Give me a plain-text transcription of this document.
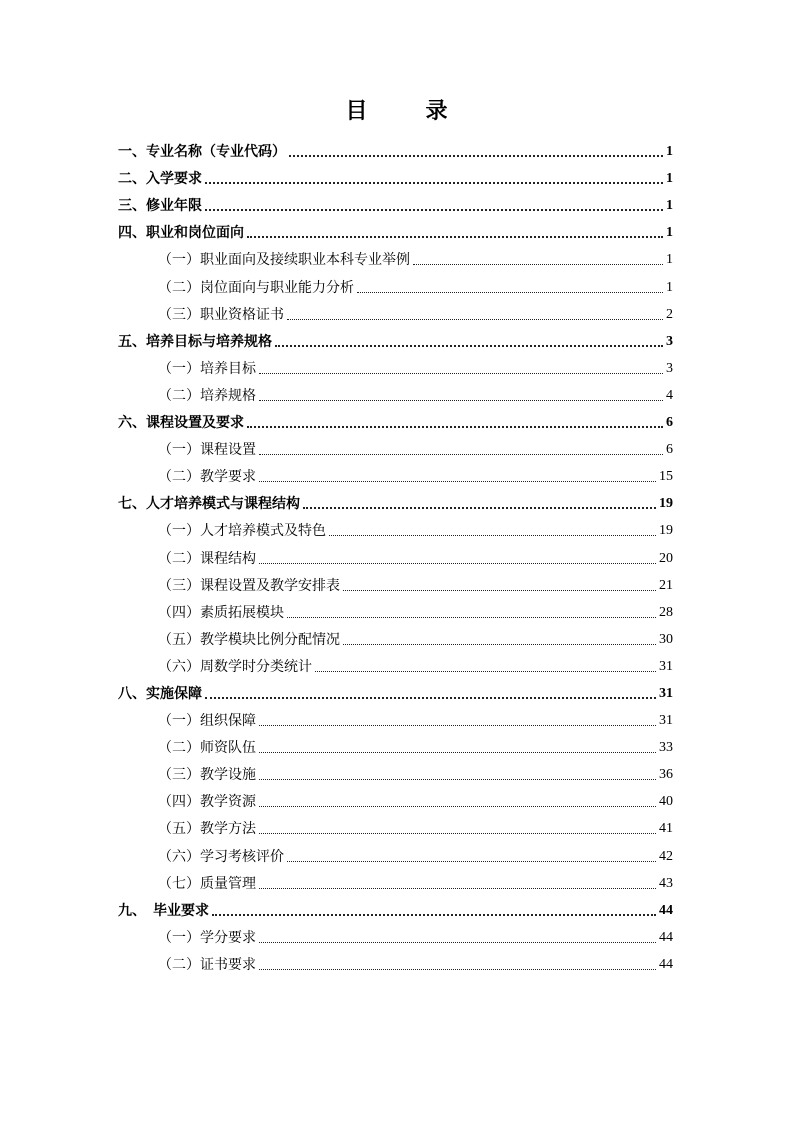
目　录
一、专业名称（专业代码）	1
二、入学要求	1
三、修业年限	1
四、职业和岗位面向	1
（一）职业面向及接续职业本科专业举例	1
（二）岗位面向与职业能力分析	1
（三）职业资格证书	2
五、培养目标与培养规格	3
（一）培养目标	3
（二）培养规格	4
六、课程设置及要求	6
（一）课程设置	6
（二）教学要求	15
七、人才培养模式与课程结构	19
（一）人才培养模式及特色	19
（二）课程结构	20
（三）课程设置及教学安排表	21
（四）素质拓展模块	28
（五）教学模块比例分配情况	30
（六）周数学时分类统计	31
八、实施保障	31
（一）组织保障	31
（二）师资队伍	33
（三）教学设施	36
（四）教学资源	40
（五）教学方法	41
（六）学习考核评价	42
（七）质量管理	43
九、　毕业要求	44
（一）学分要求	44
（二）证书要求	44
